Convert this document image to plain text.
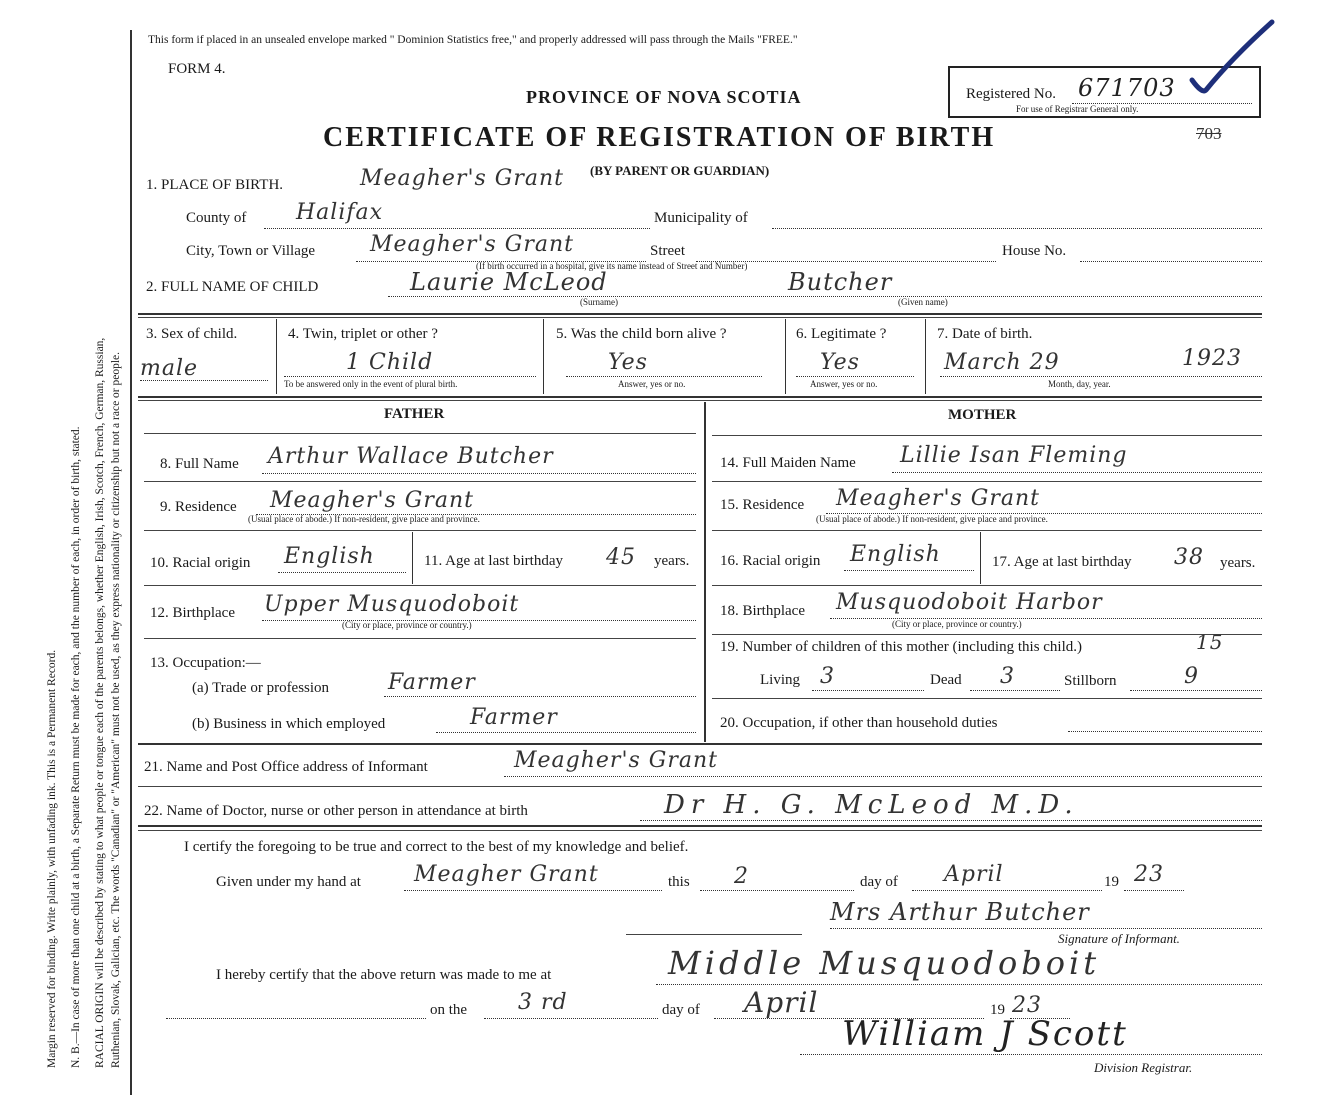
Margin reserved for binding. Write plainly, with unfading ink. This is a Permanent Record. N. B.—In case of more than one child at a birth, a Separate Return must be made for each, and the number of each, in order of birth, stated. RACIAL ORIGIN will be described by stating to what people or tongue each of the parents belongs, whether English, Irish, Scotch, French, German, Russian, Ruthenian, Slovak, Galician, etc. The words "Canadian" or "American" must not be used, as they express nationality or citizenship but not a race or people.
This form if placed in an unsealed envelope marked " Dominion Statistics free," and properly addressed will pass through the Mails "FREE."
FORM 4.
PROVINCE OF NOVA SCOTIA
CERTIFICATE OF REGISTRATION OF BIRTH
(BY PARENT OR GUARDIAN)
Registered No. 671703
For use of Registrar General only.
703
1. PLACE OF BIRTH.	Meagher's Grant
County of Halifax	Municipality of
City, Town or Village Meagher's Grant	Street	House No.
(If birth occurred in a hospital, give its name instead of Street and Number)
2. FULL NAME OF CHILD	Laurie McLeod	Butcher
(Surname)	(Given name)
3. Sex of child.
male
4. Twin, triplet or other ?
1 Child
To be answered only in the event of plural birth.
5. Was the child born alive ?
Yes
Answer, yes or no.
6. Legitimate ?
Yes
Answer, yes or no.
7. Date of birth.
March 29	1923
Month, day, year.
FATHER	MOTHER
8. Full Name Arthur Wallace Butcher
9. Residence Meagher's Grant
(Usual place of abode.) If non-resident, give place and province.
10. Racial origin English	11. Age at last birthday 45 years.
12. Birthplace Upper Musquodoboit
(City or place, province or country.)
13. Occupation:—
(a) Trade or profession	Farmer
(b) Business in which employed	Farmer
14. Full Maiden Name Lillie Isan Fleming
15. Residence Meagher's Grant
(Usual place of abode.) If non-resident, give place and province.
16. Racial origin English	17. Age at last birthday 38 years.
18. Birthplace Musquodoboit Harbor
(City or place, province or country.)
19. Number of children of this mother (including this child.)	15
Living 3	Dead 3	Stillborn	9
20. Occupation, if other than household duties
21. Name and Post Office address of Informant	Meagher's Grant
22. Name of Doctor, nurse or other person in attendance at birth	Dr H. G. McLeod M.D.
I certify the foregoing to be true and correct to the best of my knowledge and belief.
Given under my hand at Meagher Grant	this 2	day of April	19 23
Mrs Arthur Butcher
Signature of Informant.
I hereby certify that the above return was made to me at	Middle Musquodoboit
on the 3 rd	day of April	19 23
William J Scott
Division Registrar.
